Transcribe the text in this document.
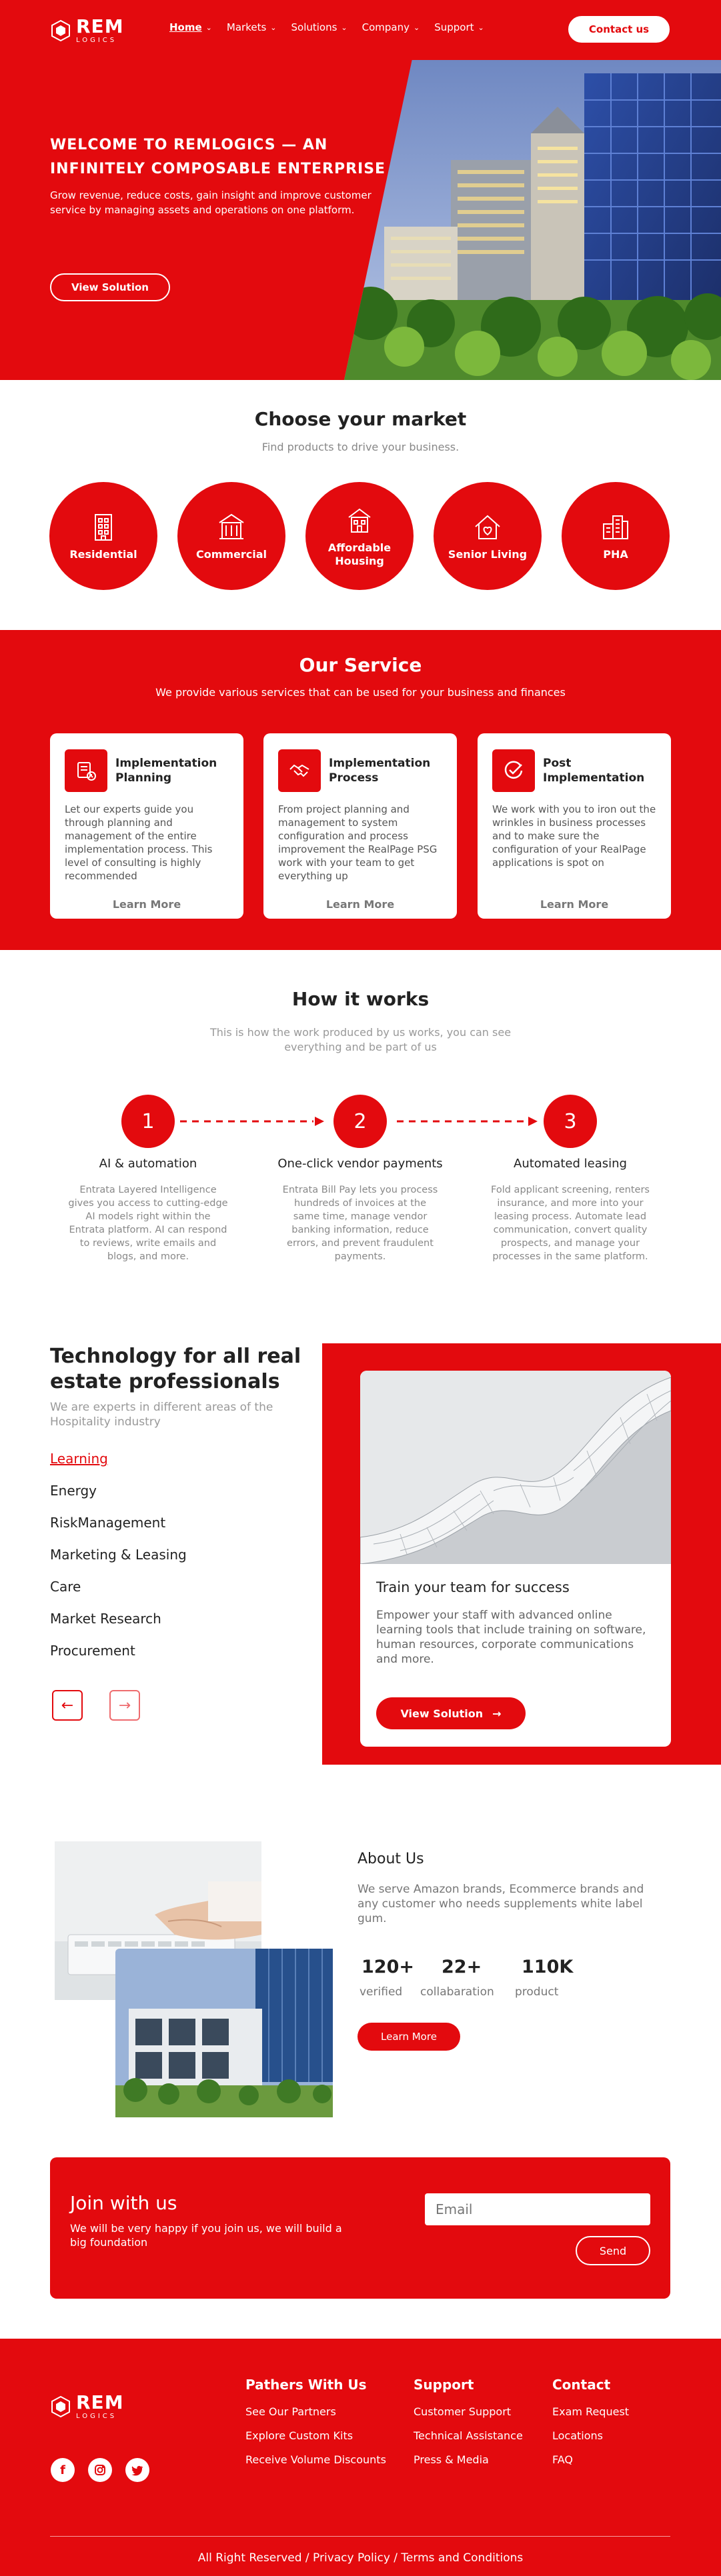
REM
LOGICS
Home ⌄ Markets ⌄ Solutions ⌄ Company ⌄ Support ⌄	Contact us
WELCOME TO REMLOGICS — AN INFINITELY COMPOSABLE ENTERPRISE

Grow revenue, reduce costs, gain insight and improve customer service by managing assets and operations on one platform.

View Solution
Choose your market

Find products to drive your business.

Residential	Commercial
Affordable Housing
Senior Living	PHA
Our Service

We provide various services that can be used for your business and finances

Implementation Planning

Let our experts guide you through planning and management of the entire implementation process. This level of consulting is highly recommended

Learn More
Implementation Process

From project planning and management to system configuration and process improvement the RealPage PSG work with your team to get everything up

Learn More
Post Implementation

We work with you to iron out the wrinkles in business processes and to make sure the configuration of your RealPage applications is spot on

Learn More
How it works

This is how the work produced by us works, you can see everything and be part of us

1	2	3
AI & automation	One-click vendor payments	Automated leasing

Entrata Layered Intelligence gives you access to cutting-edge AI models right within the Entrata platform. AI can respond to reviews, write emails and blogs, and more.

Entrata Bill Pay lets you process hundreds of invoices at the same time, manage vendor banking information, reduce errors, and prevent fraudulent payments.

Fold applicant screening, renters insurance, and more into your leasing process. Automate lead communication, convert quality prospects, and manage your processes in the same platform.

Technology for all real estate professionals

We are experts in different areas of the Hospitality industry

Learning
Energy
RiskManagement
Marketing & Leasing
Care
Market Research
Procurement
←	→
Train your team for success

Empower your staff with advanced online learning tools that include training on software, human resources, corporate communications and more.

View Solution →
About Us

We serve Amazon brands, Ecommerce brands and any customer who needs supplements white label gum.

120+
verified
22+
collabaration
110K
product
Learn More
Join with us

We will be very happy if you join us, we will build a big foundation

Email
Send
REM
LOGICS
f
Pathers With Us
See Our Partners
Explore Custom Kits
Receive Volume Discounts
Support
Customer Support
Technical Assistance
Press & Media
Contact
Exam Request
Locations
FAQ
All Right Reserved / Privacy Policy / Terms and Conditions
